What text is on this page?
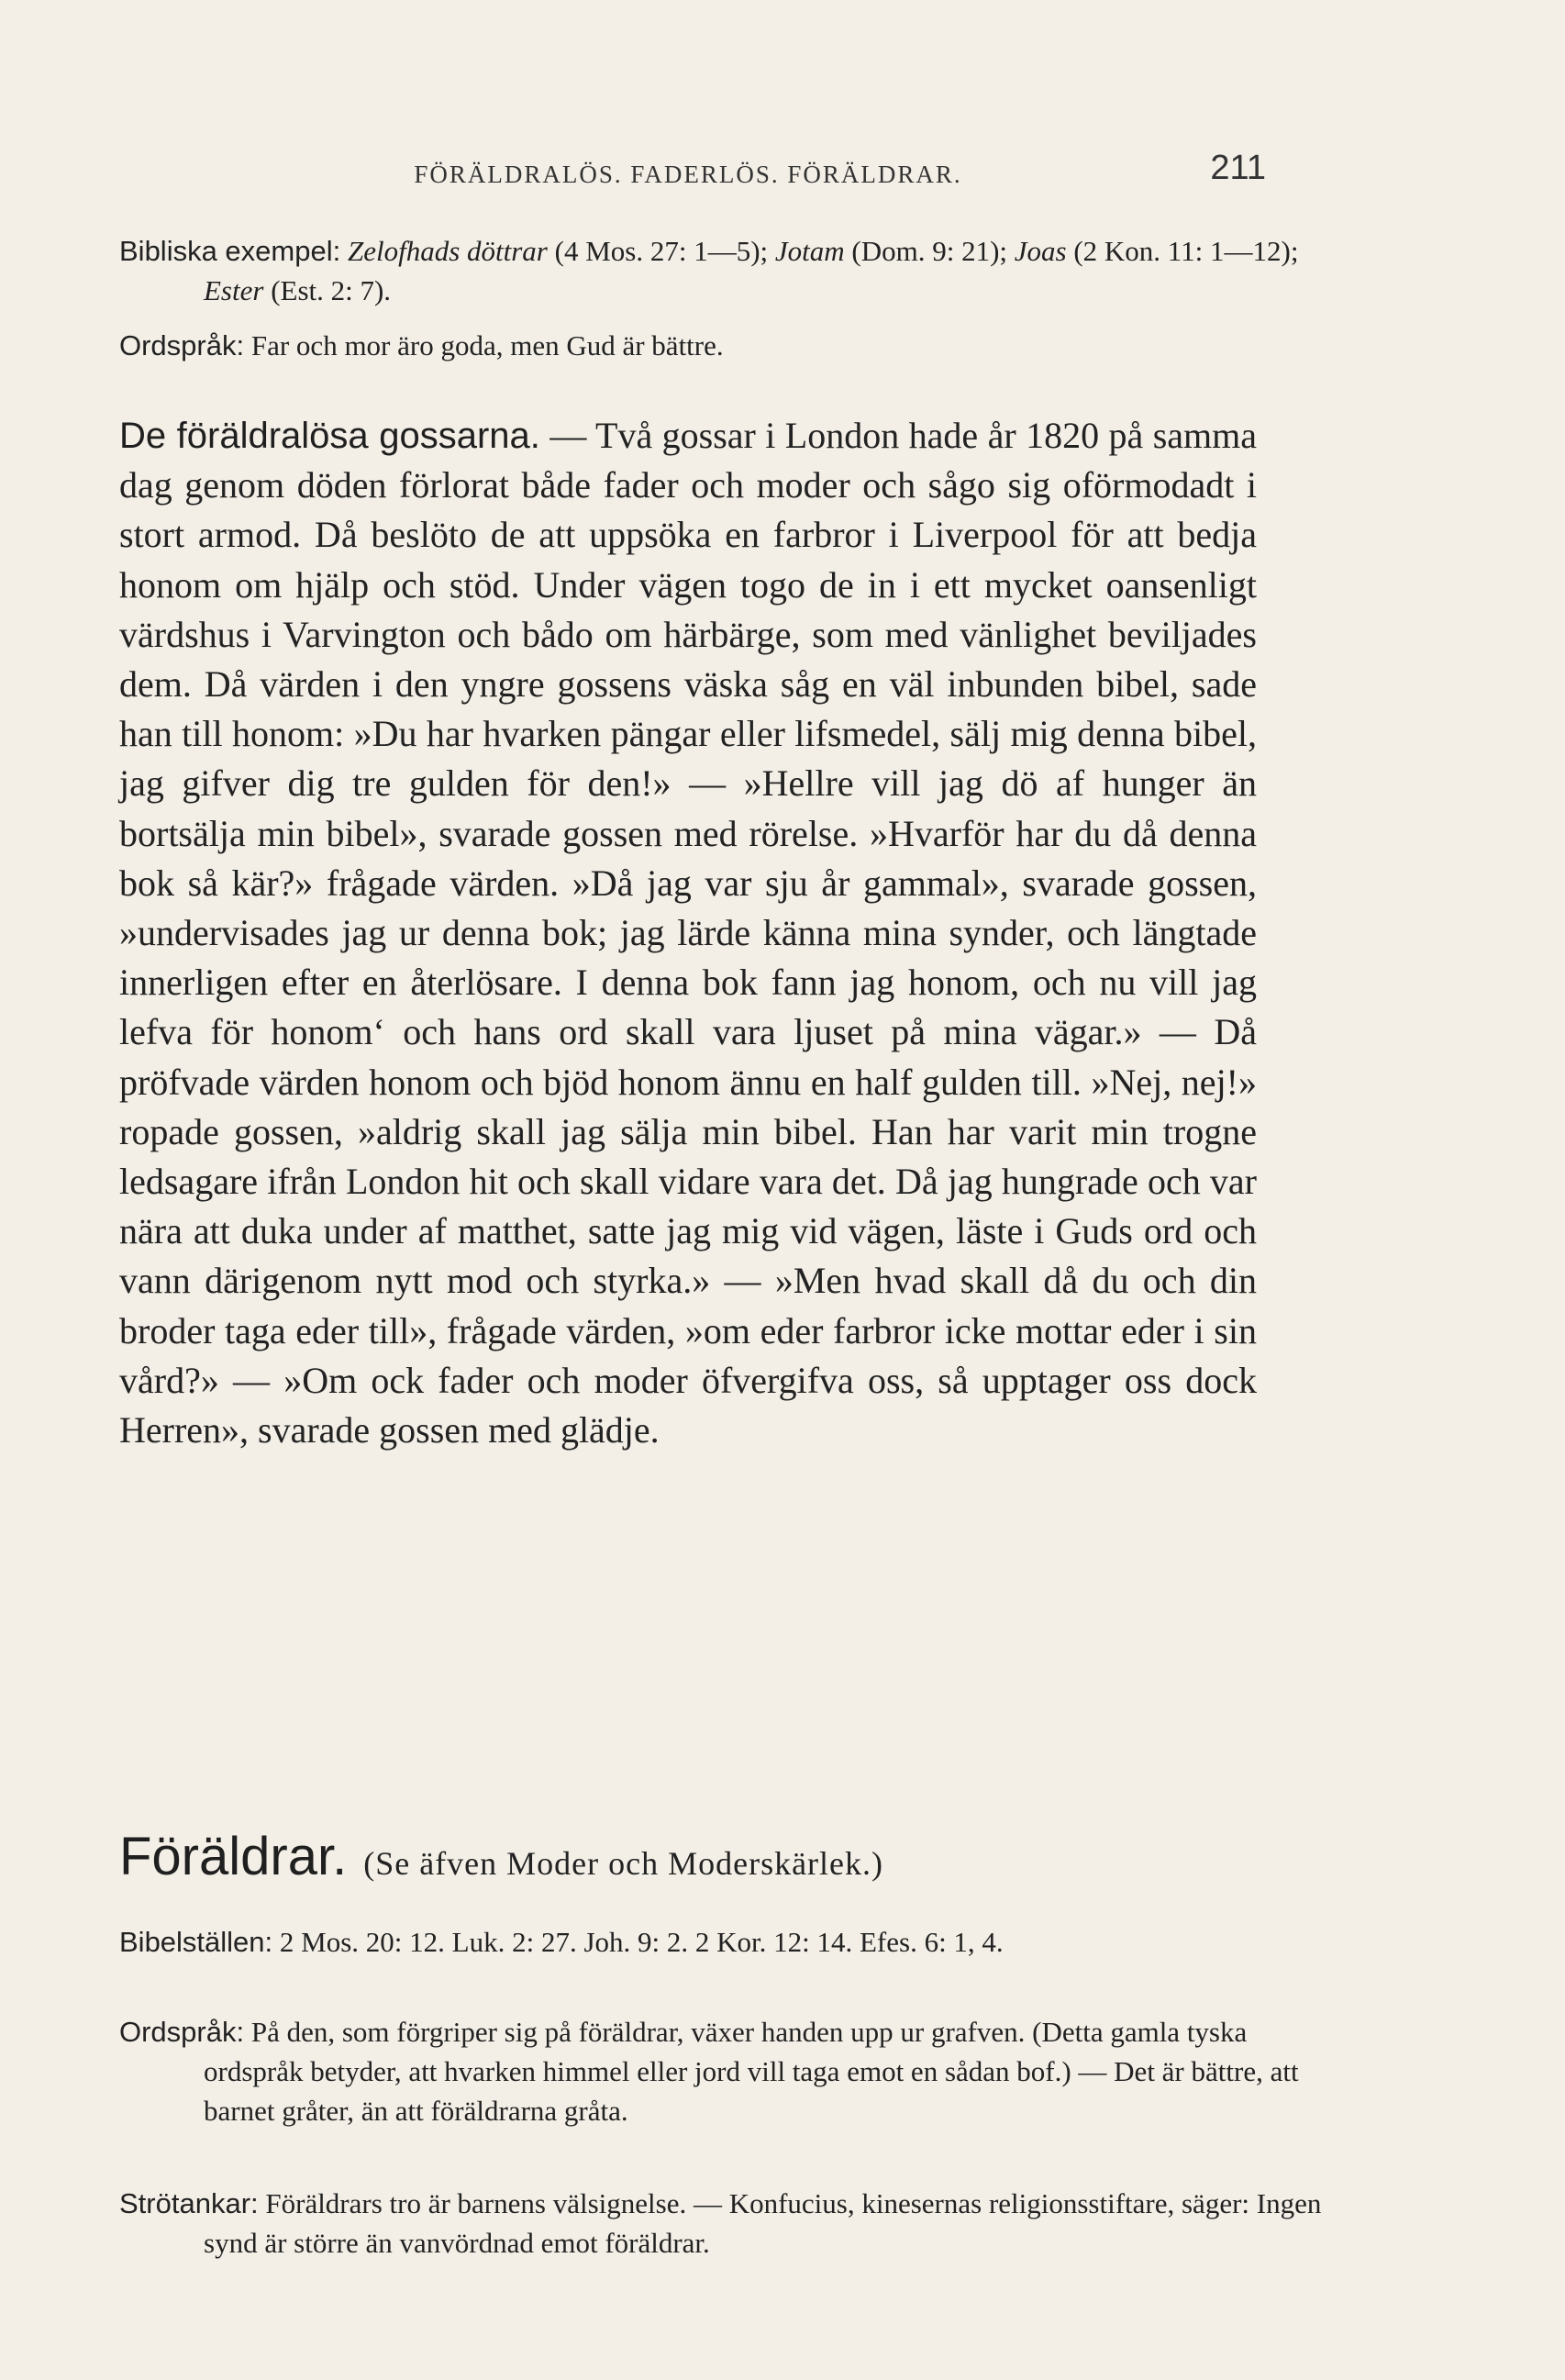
FÖRÄLDRALÖS. FADERLÖS. FÖRÄLDRAR.	211
Bibliska exempel: Zelofhads döttrar (4 Mos. 27: 1—5); Jotam (Dom. 9: 21); Joas (2 Kon. 11: 1—12); Ester (Est. 2: 7).
Ordspråk: Far och mor äro goda, men Gud är bättre.
De föräldralösa gossarna. — Två gossar i London hade år 1820 på samma dag genom döden förlorat både fader och moder och sågo sig oförmodadt i stort armod. Då beslöto de att uppsöka en farbror i Liverpool för att bedja honom om hjälp och stöd. Under vägen togo de in i ett mycket oansenligt värdshus i Varvington och bådo om härbärge, som med vänlighet beviljades dem. Då värden i den yngre gossens väska såg en väl inbunden bibel, sade han till honom: »Du har hvarken pängar eller lifsmedel, sälj mig denna bibel, jag gifver dig tre gulden för den!» — »Hellre vill jag dö af hunger än bortsälja min bibel», svarade gossen med rörelse. »Hvarför har du då denna bok så kär?» frågade värden. »Då jag var sju år gammal», svarade gossen, »undervisades jag ur denna bok; jag lärde känna mina synder, och längtade innerligen efter en återlösare. I denna bok fann jag honom, och nu vill jag lefva för honom‘ och hans ord skall vara ljuset på mina vägar.» — Då pröfvade värden honom och bjöd honom ännu en half gulden till. »Nej, nej!» ropade gossen, »aldrig skall jag sälja min bibel. Han har varit min trogne ledsagare ifrån London hit och skall vidare vara det. Då jag hungrade och var nära att duka under af matthet, satte jag mig vid vägen, läste i Guds ord och vann därigenom nytt mod och styrka.» — »Men hvad skall då du och din broder taga eder till», frågade värden, »om eder farbror icke mottar eder i sin vård?» — »Om ock fader och moder öfvergifva oss, så upptager oss dock Herren», svarade gossen med glädje.
Föräldrar. (Se äfven Moder och Moderskärlek.)
Bibelställen: 2 Mos. 20: 12. Luk. 2: 27. Joh. 9: 2. 2 Kor. 12: 14. Efes. 6: 1, 4.
Ordspråk: På den, som förgriper sig på föräldrar, växer handen upp ur grafven. (Detta gamla tyska ordspråk betyder, att hvarken himmel eller jord vill taga emot en sådan bof.) — Det är bättre, att barnet gråter, än att föräldrarna gråta.
Strötankar: Föräldrars tro är barnens välsignelse. — Konfucius, kinesernas religionsstiftare, säger: Ingen synd är större än vanvördnad emot föräldrar.
